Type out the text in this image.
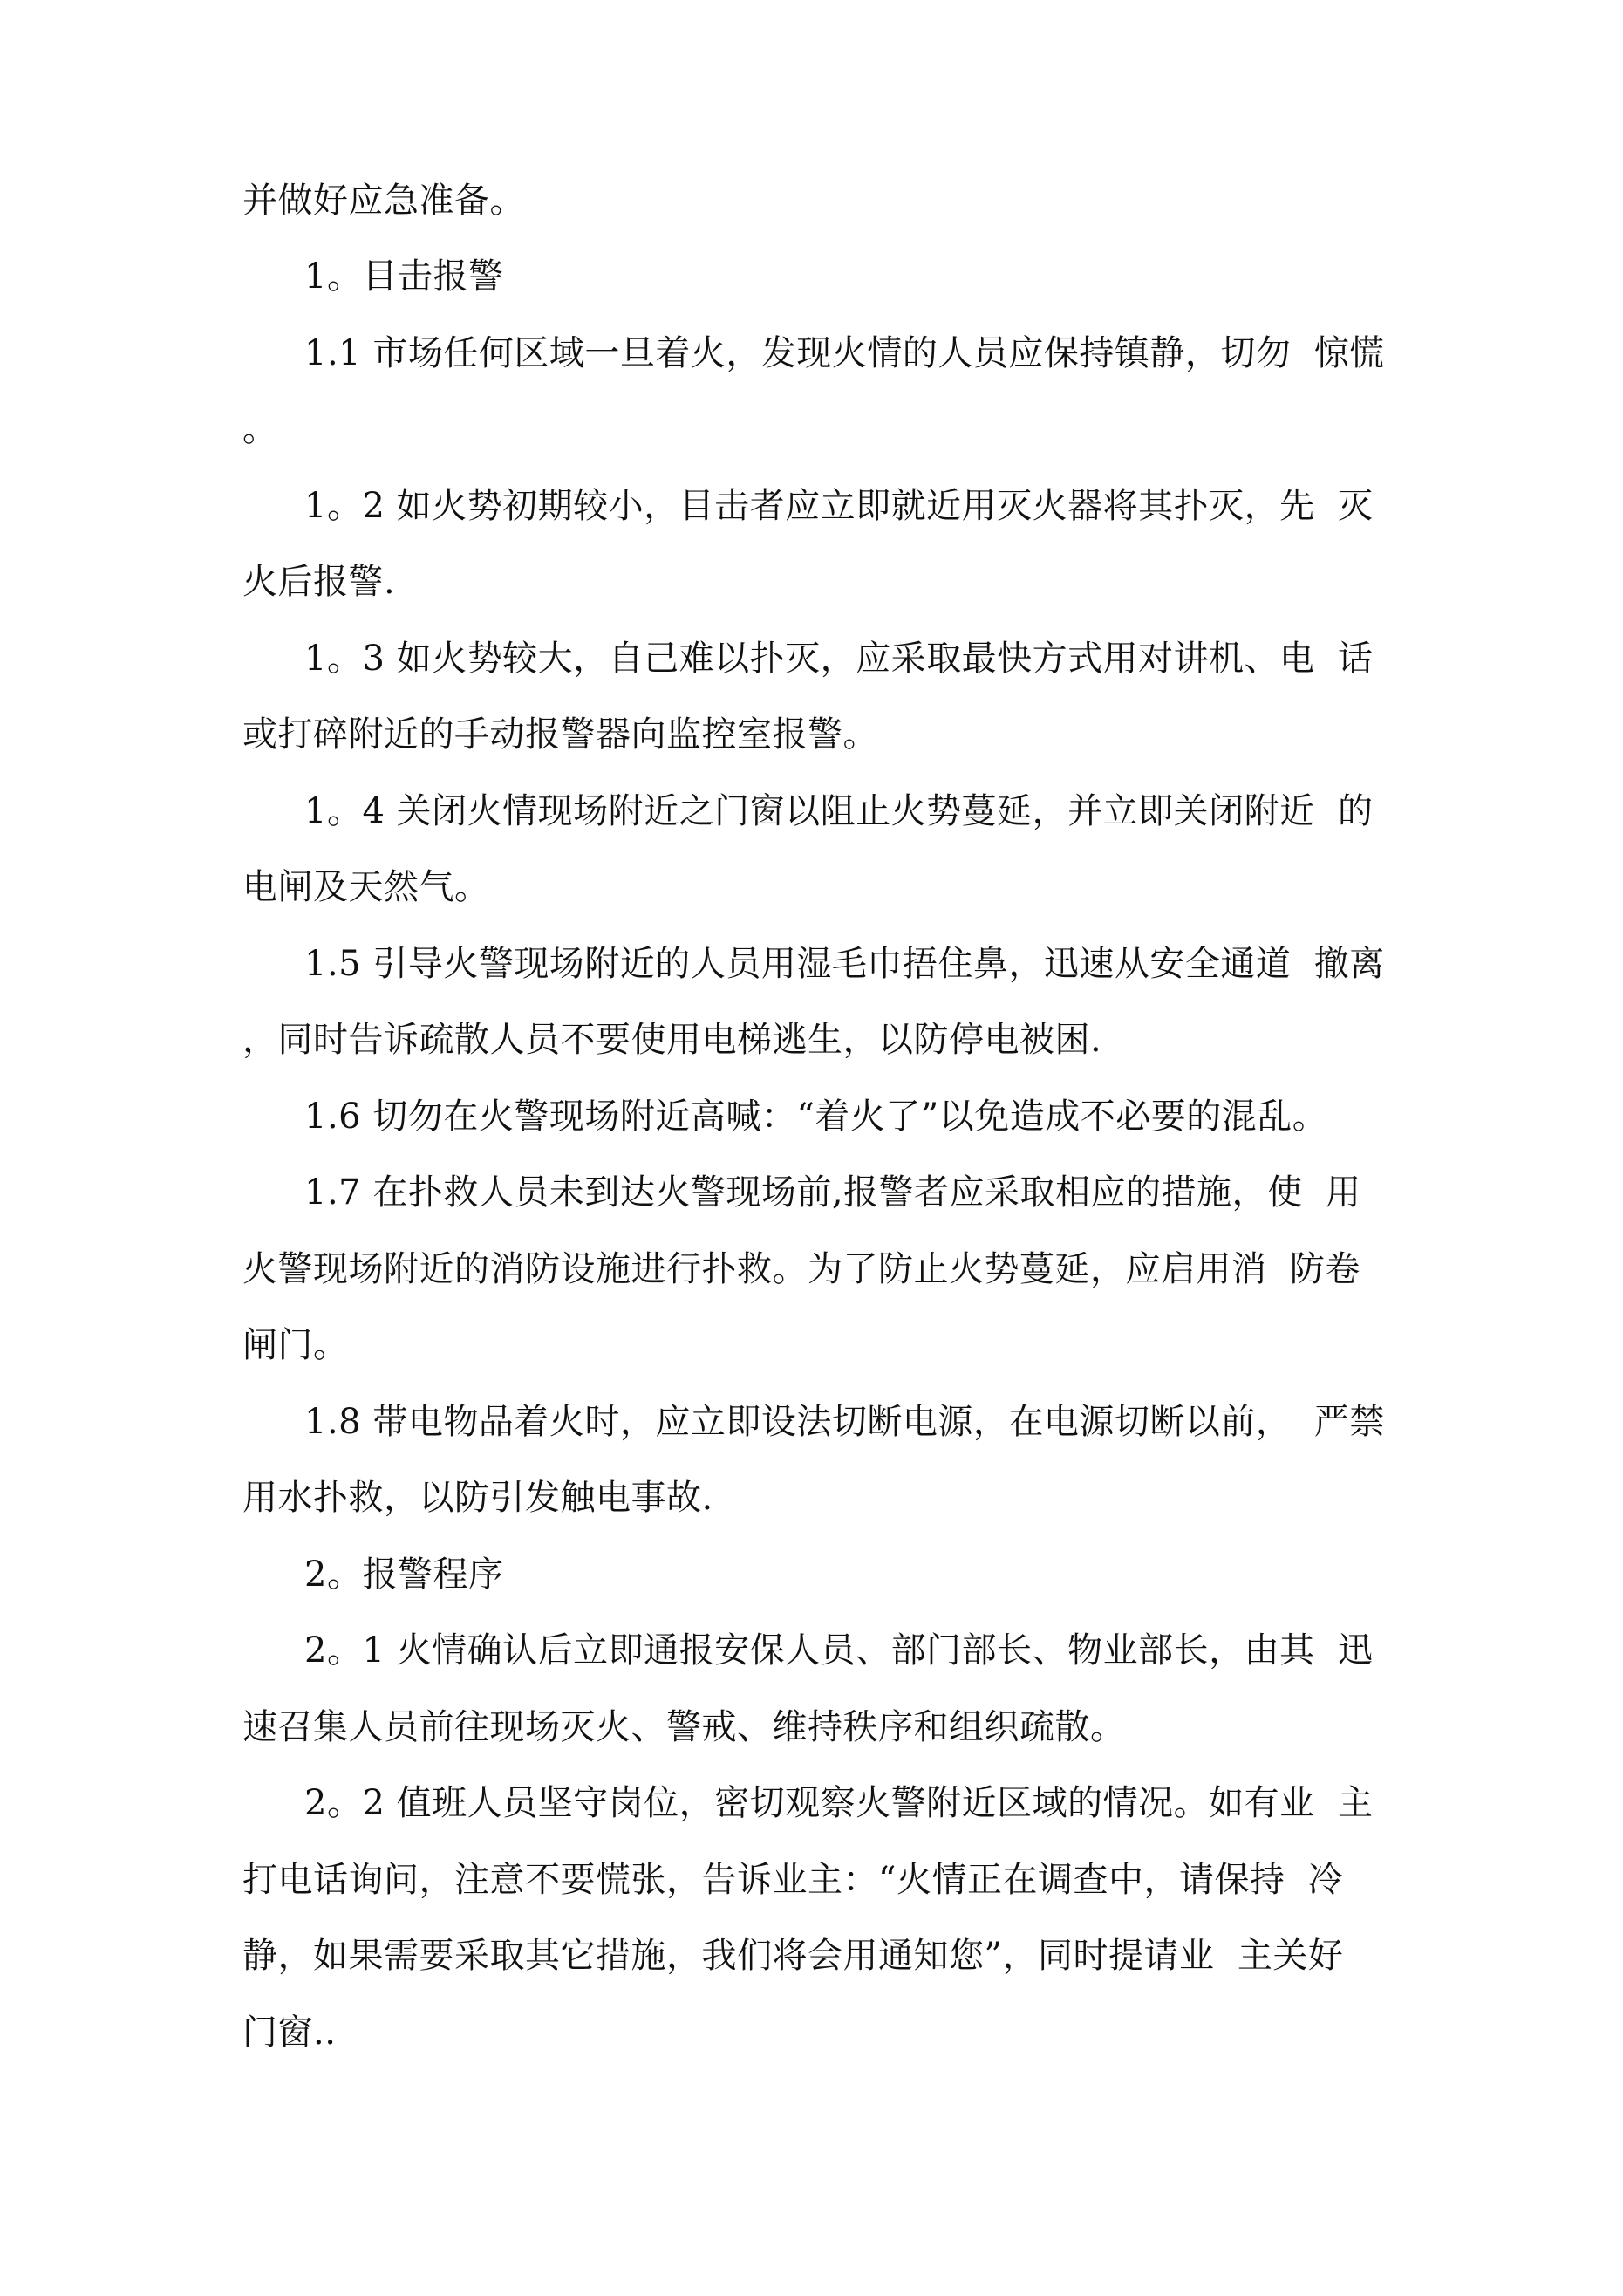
并做好应急准备。
1。目击报警
1.1 市场任何区域一旦着火，发现火情的人员应保持镇静，切勿  惊慌
。
1。2 如火势初期较小，目击者应立即就近用灭火器将其扑灭，先  灭
火后报警.
1。3 如火势较大，自己难以扑灭，应采取最快方式用对讲机、电  话
或打碎附近的手动报警器向监控室报警。
1。4 关闭火情现场附近之门窗以阻止火势蔓延，并立即关闭附近  的
电闸及天然气。
1.5 引导火警现场附近的人员用湿毛巾捂住鼻，迅速从安全通道  撤离
，同时告诉疏散人员不要使用电梯逃生，以防停电被困.
1.6 切勿在火警现场附近高喊：“着火了”以免造成不必要的混乱。
1.7 在扑救人员未到达火警现场前,报警者应采取相应的措施，使  用
火警现场附近的消防设施进行扑救。为了防止火势蔓延，应启用消  防卷
闸门。
1.8 带电物品着火时，应立即设法切断电源，在电源切断以前，  严禁
用水扑救，以防引发触电事故.
2。报警程序
2。1 火情确认后立即通报安保人员、部门部长、物业部长，由其  迅
速召集人员前往现场灭火、警戒、维持秩序和组织疏散。
2。2 值班人员坚守岗位，密切观察火警附近区域的情况。如有业  主
打电话询问，注意不要慌张，告诉业主：“火情正在调查中，请保持  冷
静，如果需要采取其它措施，我们将会用通知您”，同时提请业  主关好
门窗..
